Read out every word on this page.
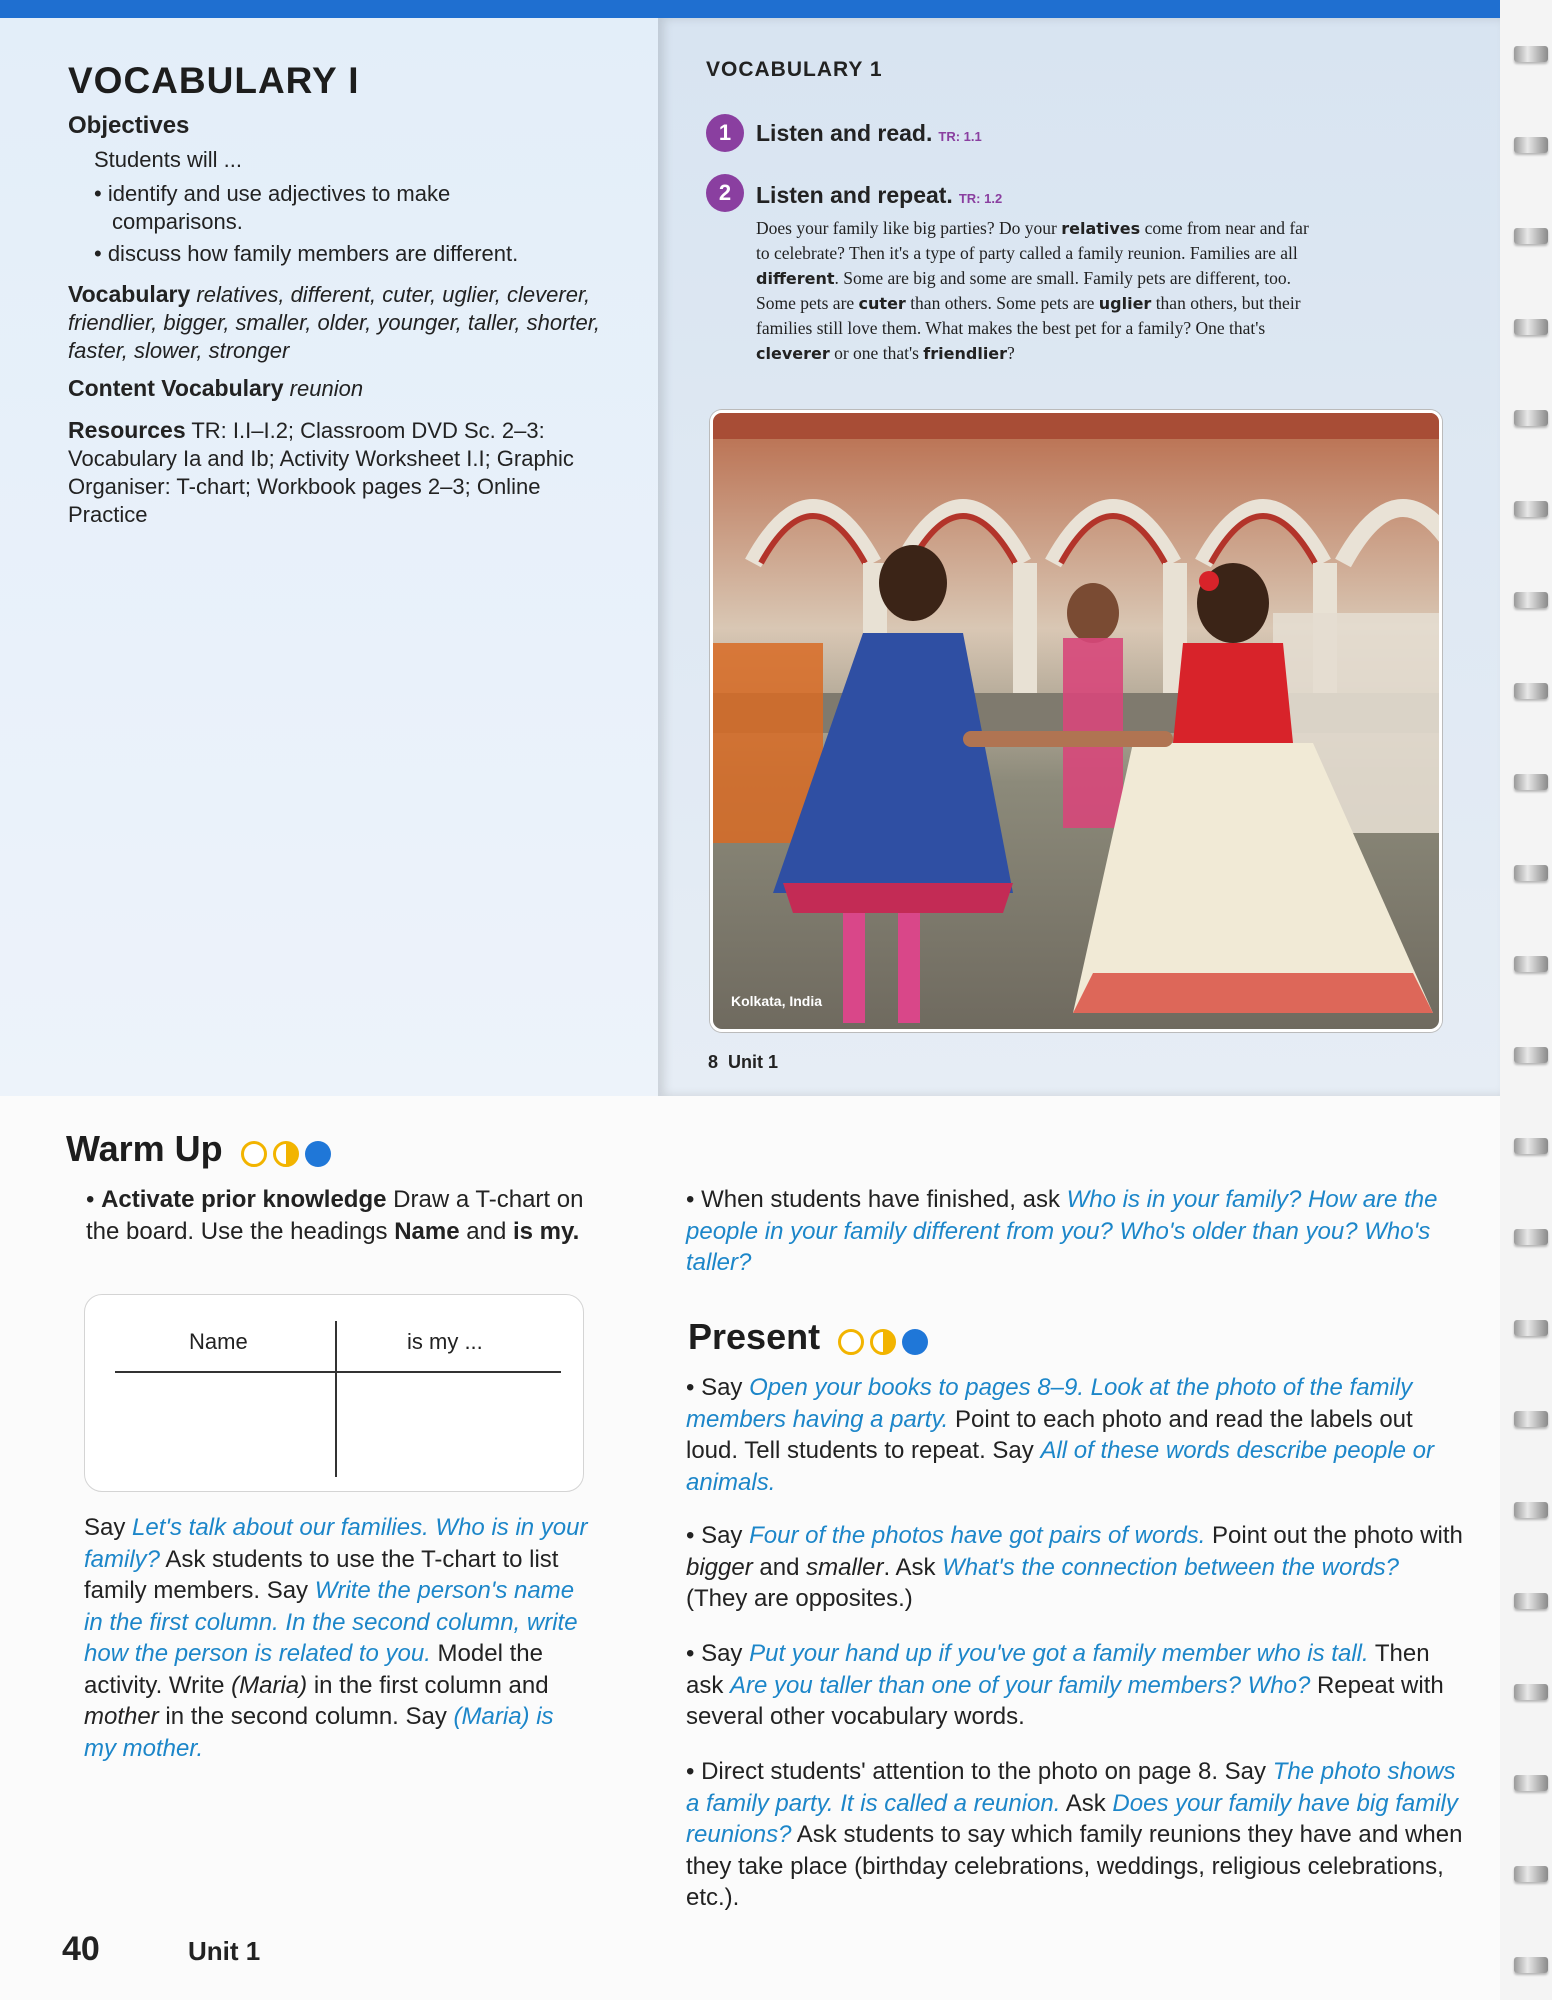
VOCABULARY I
Objectives
Students will ...
• identify and use adjectives to make
comparisons.
• discuss how family members are different.
Vocabulary relatives, different, cuter, uglier, cleverer, friendlier, bigger, smaller, older, younger, taller, shorter, faster, slower, stronger
Content Vocabulary reunion
Resources TR: I.I–I.2; Classroom DVD Sc. 2–3: Vocabulary Ia and Ib; Activity Worksheet I.I; Graphic Organiser: T-chart; Workbook pages 2–3; Online Practice
VOCABULARY 1
1	Listen and read. TR: 1.1
2	Listen and repeat. TR: 1.2
Does your family like big parties? Do your relatives come from near and far to celebrate? Then it's a type of party called a family reunion. Families are all different. Some are big and some are small. Family pets are different, too. Some pets are cuter than others. Some pets are uglier than others, but their families still love them. What makes the best pet for a family? One that's cleverer or one that's friendlier?
Kolkata, India
8 Unit 1
Warm Up
• Activate prior knowledge Draw a T-chart on the board. Use the headings Name and is my.
Name	is my ...
Say Let's talk about our families. Who is in your family? Ask students to use the T-chart to list family members. Say Write the person's name in the first column. In the second column, write how the person is related to you. Model the activity. Write (Maria) in the first column and mother in the second column. Say (Maria) is my mother.
• When students have finished, ask Who is in your family? How are the people in your family different from you? Who's older than you? Who's taller?
Present
• Say Open your books to pages 8–9. Look at the photo of the family members having a party. Point to each photo and read the labels out loud. Tell students to repeat. Say All of these words describe people or animals.
• Say Four of the photos have got pairs of words. Point out the photo with bigger and smaller. Ask What's the connection between the words? (They are opposites.)
• Say Put your hand up if you've got a family member who is tall. Then ask Are you taller than one of your family members? Who? Repeat with several other vocabulary words.
• Direct students' attention to the photo on page 8. Say The photo shows a family party. It is called a reunion. Ask Does your family have big family reunions? Ask students to say which family reunions they have and when they take place (birthday celebrations, weddings, religious celebrations, etc.).
40	Unit 1
